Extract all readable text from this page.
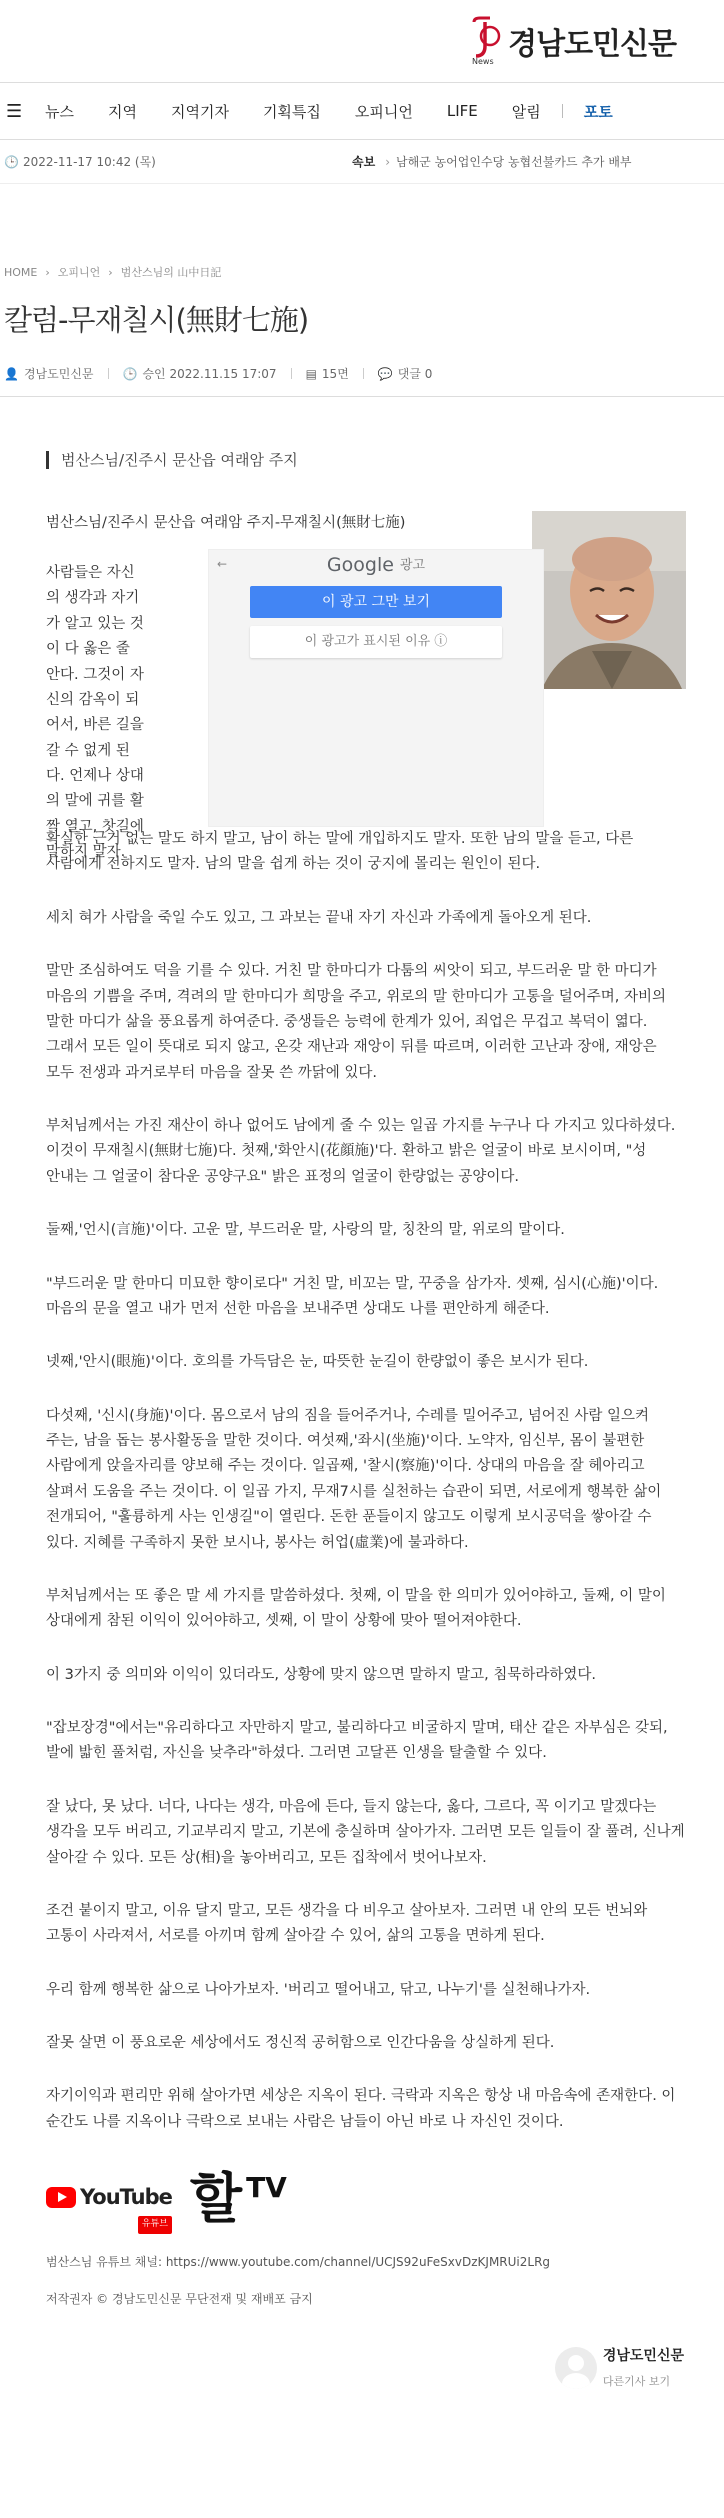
News 경남도민신문
☰	뉴스	지역	지역기자	기획특집	오피니언	LIFE	알림	포토
🕒 2022-11-17 10:42 (목)	속보 › 남해군 농어업인수당 농협선불카드 추가 배부
HOME › 오피니언 › 범산스님의 山中日記
칼럼-무재칠시(無財七施)
👤 경남도민신문 🕒 승인 2022.11.15 17:07 ▤ 15면 💬 댓글 0
범산스님/진주시 문산읍 여래암 주지
범산스님/진주시 문산읍 여래암 주지-무재칠시(無財七施)
사람들은 자신의 생각과 자기가 알고 있는 것이 다 옳은 줄 안다. 그것이 자신의 감옥이 되어서, 바른 길을 갈 수 없게 된다. 언제나 상대의 말에 귀를 활짝 열고, 찻길에 말하지 말자.
←	Google 광고
이 광고 그만 보기
이 광고가 표시된 이유 ⓘ

확실한 근거 없는 말도 하지 말고, 남이 하는 말에 개입하지도 말자. 또한 남의 말을 듣고, 다른 사람에게 전하지도 말자. 남의 말을 쉽게 하는 것이 궁지에 몰리는 원인이 된다.

세치 혀가 사람을 죽일 수도 있고, 그 과보는 끝내 자기 자신과 가족에게 돌아오게 된다.

말만 조심하여도 덕을 기를 수 있다. 거친 말 한마디가 다툼의 씨앗이 되고, 부드러운 말 한 마디가 마음의 기쁨을 주며, 격려의 말 한마디가 희망을 주고, 위로의 말 한마디가 고통을 덜어주며, 자비의 말한 마디가 삶을 풍요롭게 하여준다. 중생들은 능력에 한계가 있어, 죄업은 무겁고 복덕이 엷다. 그래서 모든 일이 뜻대로 되지 않고, 온갖 재난과 재앙이 뒤를 따르며, 이러한 고난과 장애, 재앙은 모두 전생과 과거로부터 마음을 잘못 쓴 까닭에 있다.

부처님께서는 가진 재산이 하나 없어도 남에게 줄 수 있는 일곱 가지를 누구나 다 가지고 있다하셨다. 이것이 무재칠시(無財七施)다. 첫째,'화안시(花顔施)'다. 환하고 밝은 얼굴이 바로 보시이며, "성 안내는 그 얼굴이 참다운 공양구요" 밝은 표정의 얼굴이 한량없는 공양이다.

둘째,'언시(言施)'이다. 고운 말, 부드러운 말, 사랑의 말, 칭찬의 말, 위로의 말이다.

"부드러운 말 한마디 미묘한 향이로다" 거친 말, 비꼬는 말, 꾸중을 삼가자. 셋째, 심시(心施)'이다. 마음의 문을 열고 내가 먼저 선한 마음을 보내주면 상대도 나를 편안하게 해준다.

넷째,'안시(眼施)'이다. 호의를 가득담은 눈, 따뜻한 눈길이 한량없이 좋은 보시가 된다.

다섯째, '신시(身施)'이다. 몸으로서 남의 짐을 들어주거나, 수레를 밀어주고, 넘어진 사람 일으켜 주는, 남을 돕는 봉사활동을 말한 것이다. 여섯째,'좌시(坐施)'이다. 노약자, 임신부, 몸이 불편한 사람에게 앉을자리를 양보해 주는 것이다. 일곱째, '찰시(察施)'이다. 상대의 마음을 잘 헤아리고 살펴서 도움을 주는 것이다. 이 일곱 가지, 무재7시를 실천하는 습관이 되면, 서로에게 행복한 삶이 전개되어, "훌륭하게 사는 인생길"이 열린다. 돈한 푼들이지 않고도 이렇게 보시공덕을 쌓아갈 수 있다. 지혜를 구족하지 못한 보시나, 봉사는 허업(虛業)에 불과하다.

부처님께서는 또 좋은 말 세 가지를 말씀하셨다. 첫째, 이 말을 한 의미가 있어야하고, 둘째, 이 말이 상대에게 참된 이익이 있어야하고, 셋째, 이 말이 상황에 맞아 떨어져야한다.

이 3가지 중 의미와 이익이 있더라도, 상황에 맞지 않으면 말하지 말고, 침묵하라하였다.

"잡보장경"에서는"유리하다고 자만하지 말고, 불리하다고 비굴하지 말며, 태산 같은 자부심은 갖되, 발에 밟힌 풀처럼, 자신을 낮추라"하셨다. 그러면 고달픈 인생을 탈출할 수 있다.

잘 났다, 못 났다. 너다, 나다는 생각, 마음에 든다, 들지 않는다, 옳다, 그르다, 꼭 이기고 말겠다는 생각을 모두 버리고, 기교부리지 말고, 기본에 충실하며 살아가자. 그러면 모든 일들이 잘 풀려, 신나게 살아갈 수 있다. 모든 상(相)을 놓아버리고, 모든 집착에서 벗어나보자.

조건 붙이지 말고, 이유 달지 말고, 모든 생각을 다 비우고 살아보자. 그러면 내 안의 모든 번뇌와 고통이 사라져서, 서로를 아끼며 함께 살아갈 수 있어, 삶의 고통을 면하게 된다.

우리 함께 행복한 삶으로 나아가보자. '버리고 떨어내고, 닦고, 나누기'를 실천해나가자.

잘못 살면 이 풍요로운 세상에서도 정신적 공허함으로 인간다움을 상실하게 된다.

자기이익과 편리만 위해 살아가면 세상은 지옥이 된다. 극락과 지옥은 항상 내 마음속에 존재한다. 이 순간도 나를 지옥이나 극락으로 보내는 사람은 남들이 아닌 바로 나 자신인 것이다.

YouTube
유튜브 할 TV
범산스님 유튜브 채널: https://www.youtube.com/channel/UCJS92uFeSxvDzKJMRUi2LRg
저작권자 © 경남도민신문 무단전재 및 재배포 금지
경남도민신문
다른기사 보기
